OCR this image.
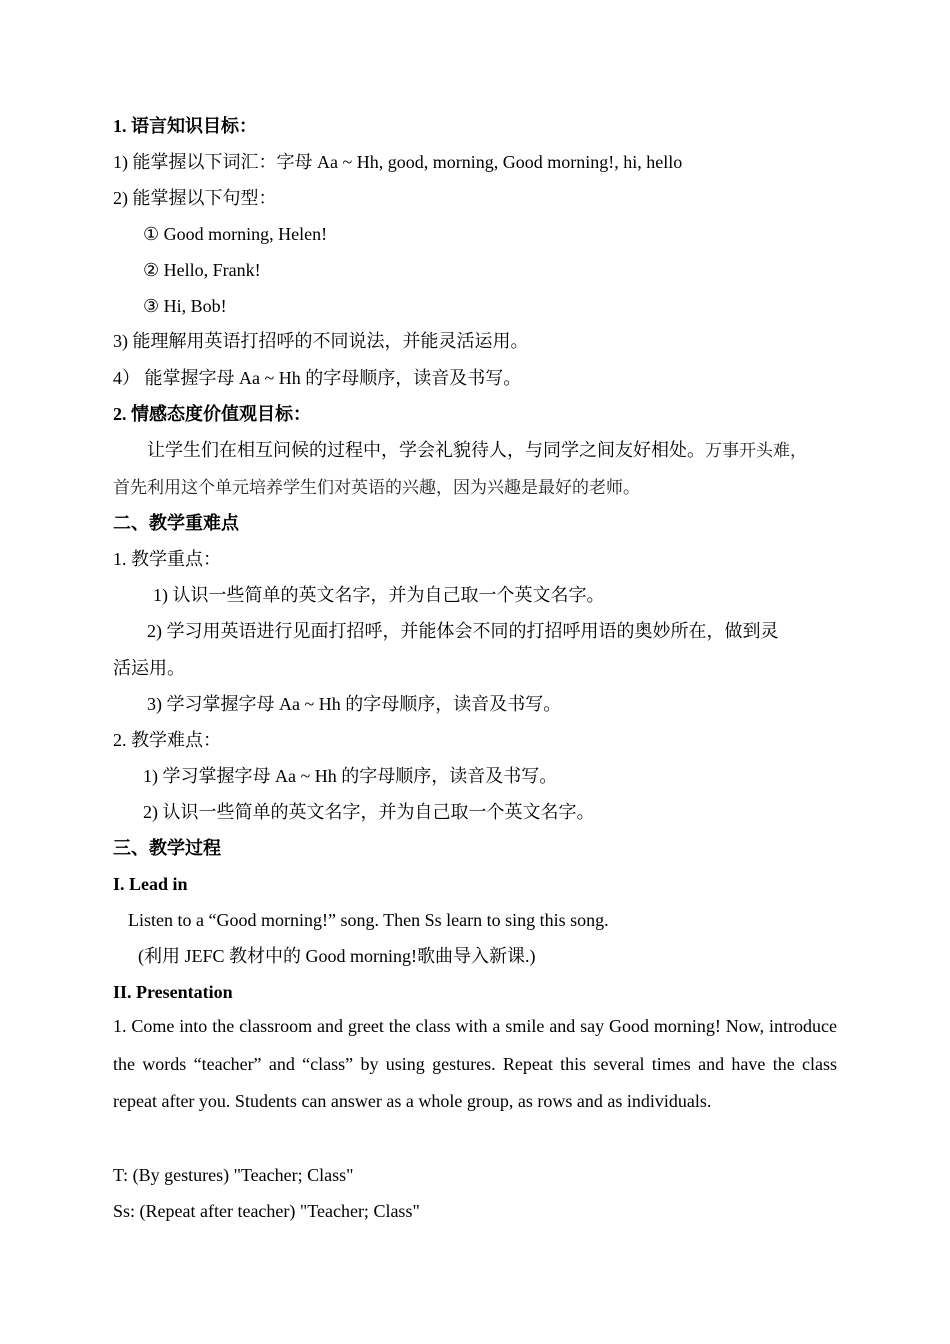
1. 语言知识目标：
1) 能掌握以下词汇：字母 Aa ~ Hh, good, morning, Good morning!, hi, hello
2) 能掌握以下句型：
① Good morning, Helen!
② Hello, Frank!
③ Hi, Bob!
3) 能理解用英语打招呼的不同说法，并能灵活运用。
4） 能掌握字母 Aa ~ Hh 的字母顺序，读音及书写。
2. 情感态度价值观目标：
让学生们在相互问候的过程中，学会礼貌待人，与同学之间友好相处。万事开头难，
首先利用这个单元培养学生们对英语的兴趣，因为兴趣是最好的老师。
二、教学重难点
1. 教学重点：
1) 认识一些简单的英文名字，并为自己取一个英文名字。
2) 学习用英语进行见面打招呼，并能体会不同的打招呼用语的奥妙所在，做到灵
活运用。
3) 学习掌握字母 Aa ~ Hh 的字母顺序，读音及书写。
2. 教学难点：
1) 学习掌握字母 Aa ~ Hh 的字母顺序，读音及书写。
2) 认识一些简单的英文名字，并为自己取一个英文名字。
三、教学过程
I. Lead in
Listen to a “Good morning!” song. Then Ss learn to sing this song.
(利用 JEFC 教材中的 Good morning!歌曲导入新课.)
II. Presentation
1. Come into the classroom and greet the class with a smile and say Good morning! Now, introduce the words “teacher” and “class” by using gestures. Repeat this several times and have the class repeat after you. Students can answer as a whole group, as rows and as individuals.
T: (By gestures) "Teacher; Class"
Ss: (Repeat after teacher) "Teacher; Class"
